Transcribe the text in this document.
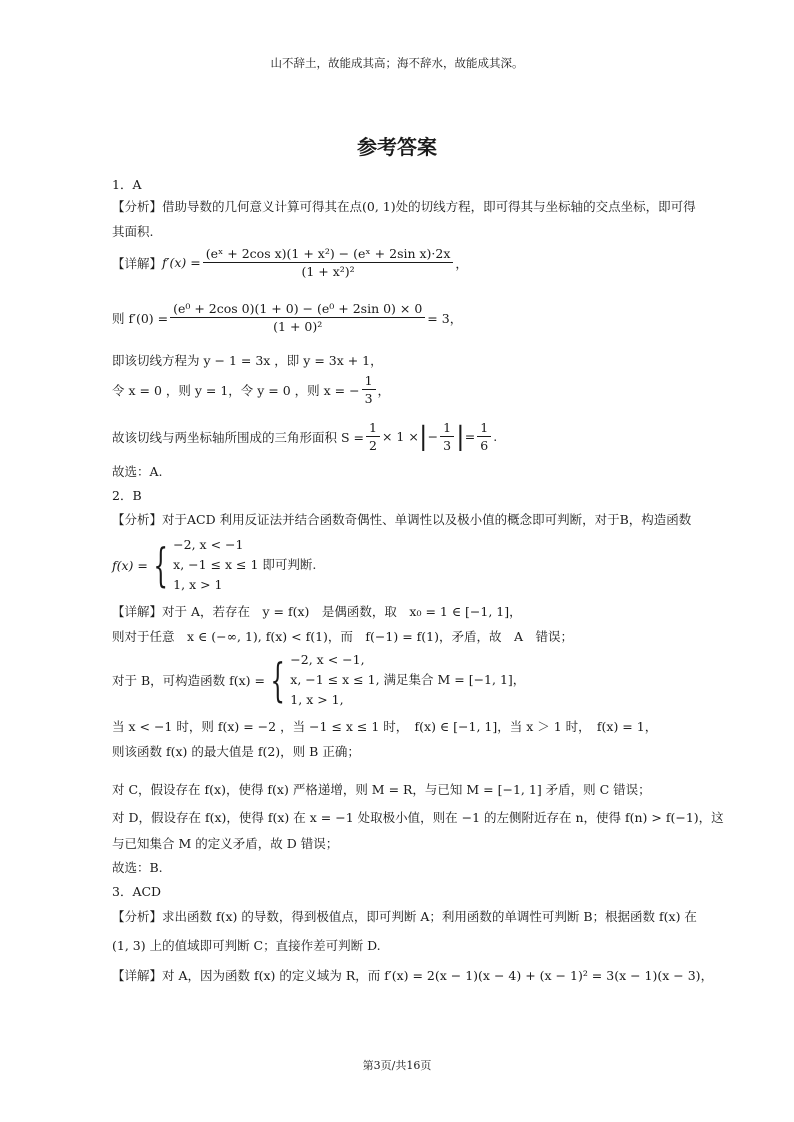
山不辞土，故能成其高；海不辞水，故能成其深。
参考答案
1．A
【分析】借助导数的几何意义计算可得其在点(0, 1)处的切线方程，即可得其与坐标轴的交点坐标，即可得
其面积.
【详解】 $f'(x) = \frac{\text{(eˣ + 2cos x)(1 + x²) − (eˣ + 2sin x)·2x}}{\text{(1 + x²)²}}$ ，
则 $f'(0) = \frac{\text{(e⁰ + 2cos 0)(1 + 0) − (e⁰ + 2sin 0) × 0}}{\text{(1 + 0)²}} = 3$，
即该切线方程为 y − 1 = 3x ，即 y = 3x + 1，
令 x = 0 ，则 y = 1，令 y = 0 ，则 x = − $\frac{1}{3}$ ，
故该切线与两坐标轴所围成的三角形面积 $S = \frac{1}{2} \times 1$ × | − $\frac{1}{3}$ | = $\frac{1}{6}$ .
故选：A.
2．B
【分析】对于ACD 利用反证法并结合函数奇偶性、单调性以及极小值的概念即可判断，对于B，构造函数
f(x) = { −2, x < −1
x, −1 ≤ x ≤ 1 即可判断.
1, x > 1
【详解】对于 A，若存在　y = f(x)　是偶函数，取　x₀ = 1 ∈ [−1, 1]，
则对于任意　x ∈ (−∞, 1), f(x) < f(1)，而　f(−1) = f(1)，矛盾，故　A　错误；
对于 B，可构造函数 f(x) = { −2, x < −1,
x, −1 ≤ x ≤ 1, 满足集合 M = [−1, 1]，
1, x > 1,
当 x < −1 时，则 f(x) = −2 ，当 −1 ≤ x ≤ 1 时，　f(x) ∈ [−1, 1]，当 x ＞ 1 时，　f(x) = 1，
则该函数 f(x) 的最大值是 f(2)，则 B 正确；
对 C，假设存在 f(x)，使得 f(x) 严格递增，则 M = R，与已知 M = [−1, 1] 矛盾，则 C 错误；
对 D，假设存在 f(x)，使得 f(x) 在 x = −1 处取极小值，则在 −1 的左侧附近存在 n，使得 f(n) > f(−1)，这
与已知集合 M 的定义矛盾，故 D 错误；
故选：B.
3．ACD
【分析】求出函数 f(x) 的导数，得到极值点，即可判断 A；利用函数的单调性可判断 B；根据函数 f(x) 在
(1, 3) 上的值域即可判断 C；直接作差可判断 D.
【详解】对 A，因为函数 f(x) 的定义域为 R，而 f′(x) = 2(x − 1)(x − 4) + (x − 1)² = 3(x − 1)(x − 3)，
第3页/共16页
